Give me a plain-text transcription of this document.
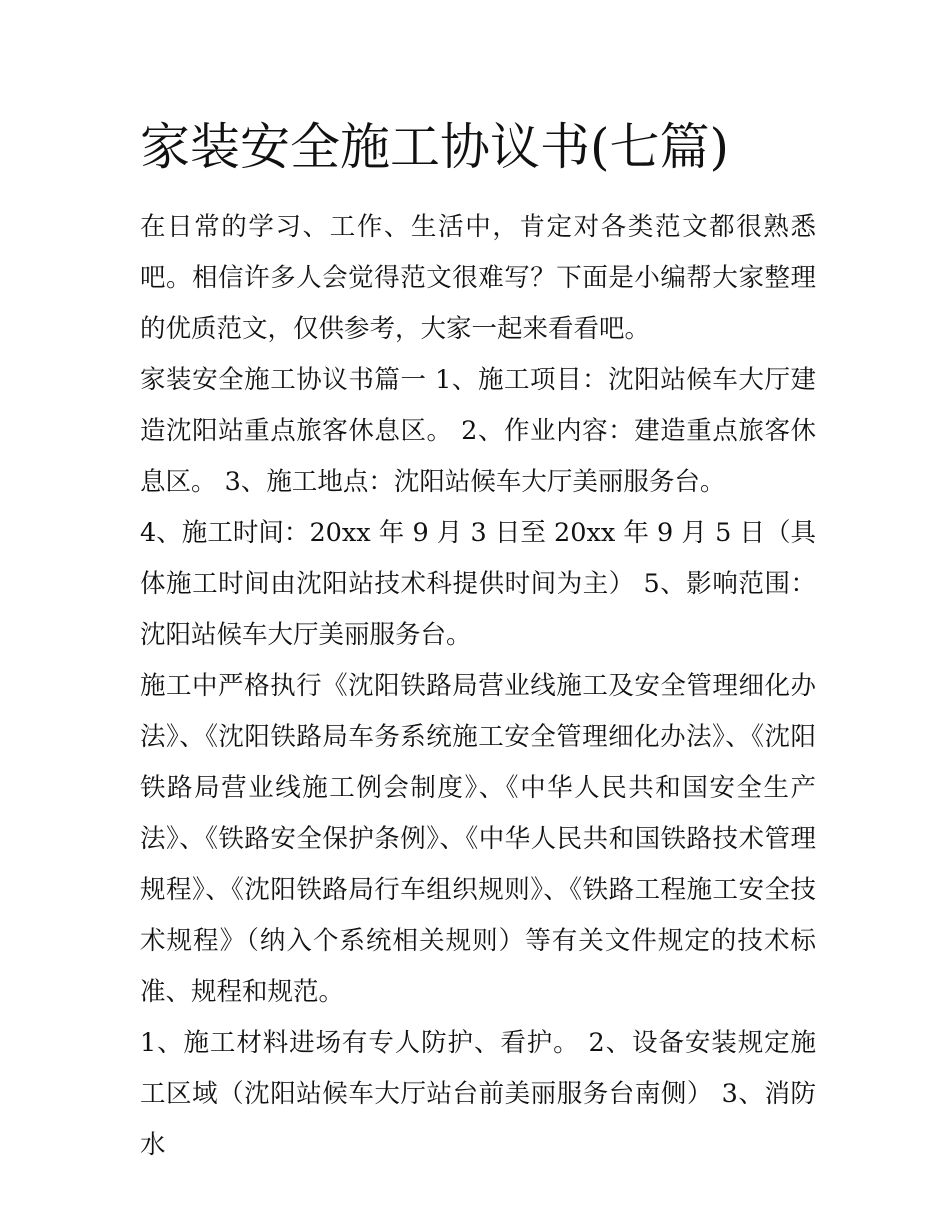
家装安全施工协议书(七篇)

在日常的学习、工作、生活中，肯定对各类范文都很熟悉吧。相信许多人会觉得范文很难写？下面是小编帮大家整理的优质范文，仅供参考，大家一起来看看吧。

家装安全施工协议书篇一 1、施工项目：沈阳站候车大厅建造沈阳站重点旅客休息区。 2、作业内容：建造重点旅客休息区。 3、施工地点：沈阳站候车大厅美丽服务台。

4、施工时间：20xx 年 9 月 3 日至 20xx 年 9 月 5 日（具体施工时间由沈阳站技术科提供时间为主） 5、影响范围：沈阳站候车大厅美丽服务台。

施工中严格执行《沈阳铁路局营业线施工及安全管理细化办法》、《沈阳铁路局车务系统施工安全管理细化办法》、《沈阳铁路局营业线施工例会制度》、《中华人民共和国安全生产法》、《铁路安全保护条例》、《中华人民共和国铁路技术管理规程》、《沈阳铁路局行车组织规则》、《铁路工程施工安全技术规程》（纳入个系统相关规则）等有关文件规定的技术标准、规程和规范。

1、施工材料进场有专人防护、看护。 2、设备安装规定施工区域（沈阳站候车大厅站台前美丽服务台南侧） 3、消防水
